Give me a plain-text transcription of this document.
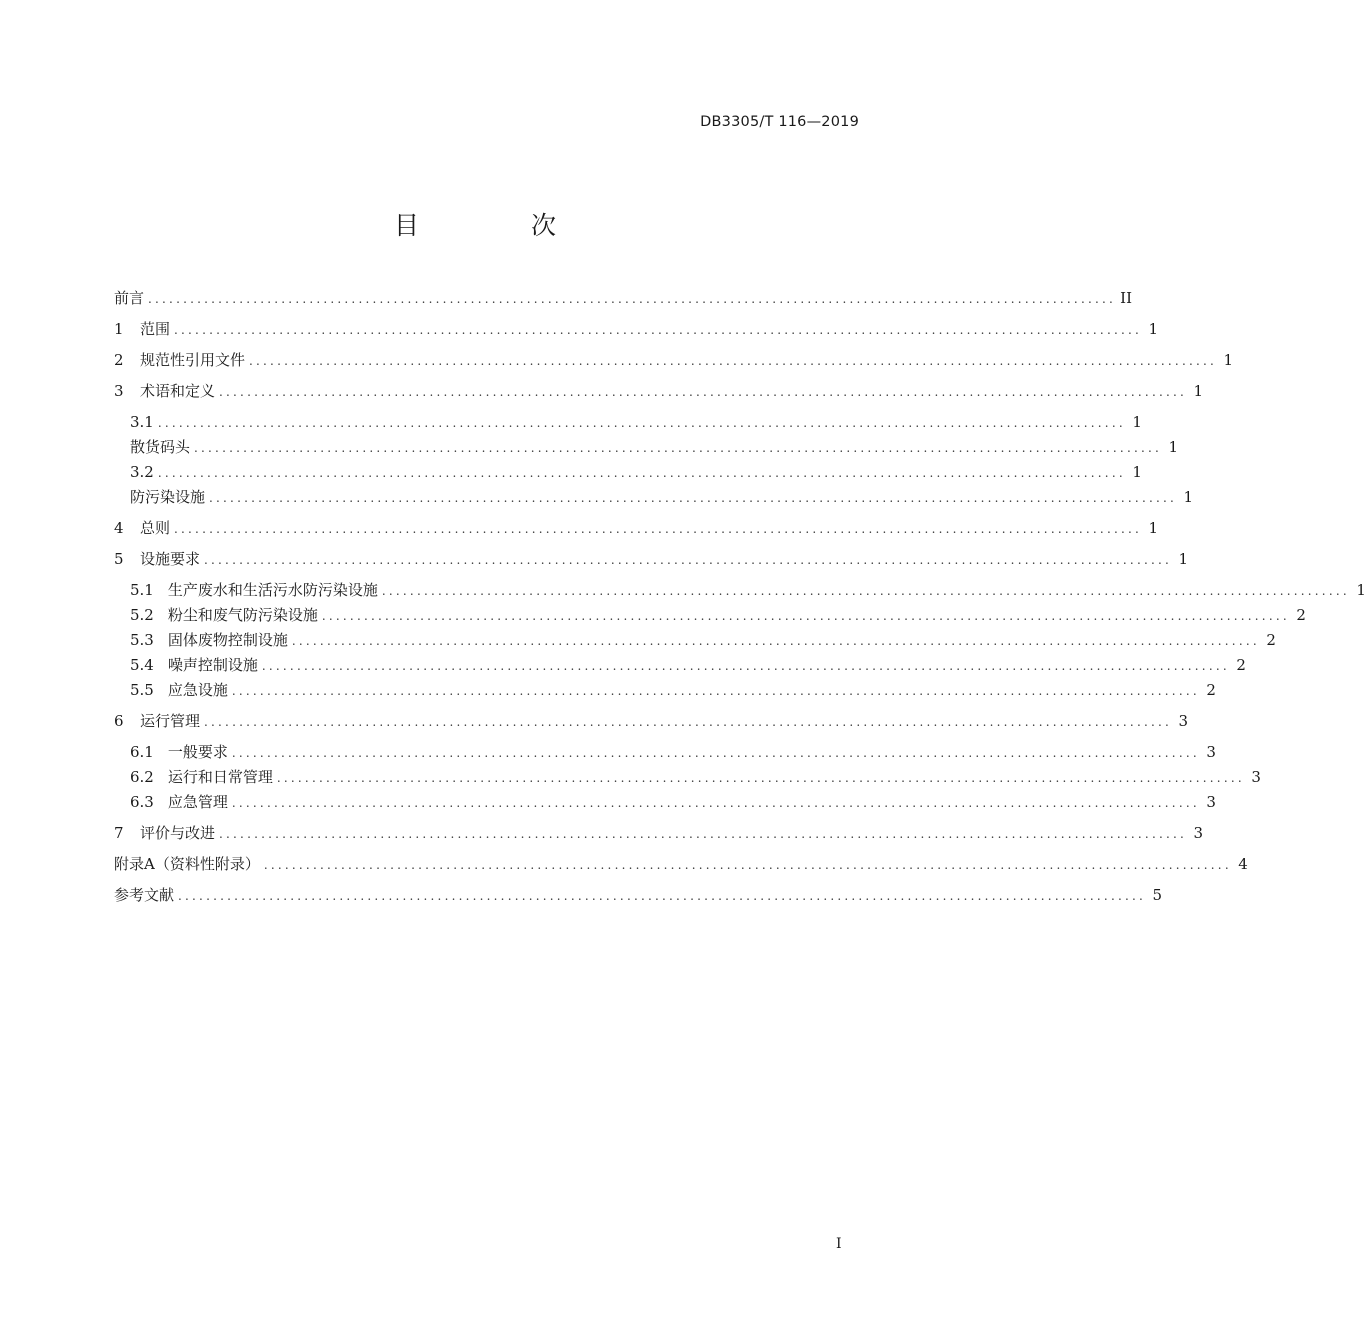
DB3305/T 116—2019
目 次
前言 .......................................................................................................................................... II
1 范围 .......................................................................................................................................... 1
2 规范性引用文件 .......................................................................................................................................... 1
3 术语和定义 .......................................................................................................................................... 1
3.1 .......................................................................................................................................... 1
散货码头 .......................................................................................................................................... 1
3.2 .......................................................................................................................................... 1
防污染设施 .......................................................................................................................................... 1
4 总则 .......................................................................................................................................... 1
5 设施要求 .......................................................................................................................................... 1
5.1 生产废水和生活污水防污染设施 .......................................................................................................................................... 1
5.2 粉尘和废气防污染设施 .......................................................................................................................................... 2
5.3 固体废物控制设施 .......................................................................................................................................... 2
5.4 噪声控制设施 .......................................................................................................................................... 2
5.5 应急设施 .......................................................................................................................................... 2
6 运行管理 .......................................................................................................................................... 3
6.1 一般要求 .......................................................................................................................................... 3
6.2 运行和日常管理 .......................................................................................................................................... 3
6.3 应急管理 .......................................................................................................................................... 3
7 评价与改进 .......................................................................................................................................... 3
附录A（资料性附录） .......................................................................................................................................... 4
参考文献 .......................................................................................................................................... 5
I
